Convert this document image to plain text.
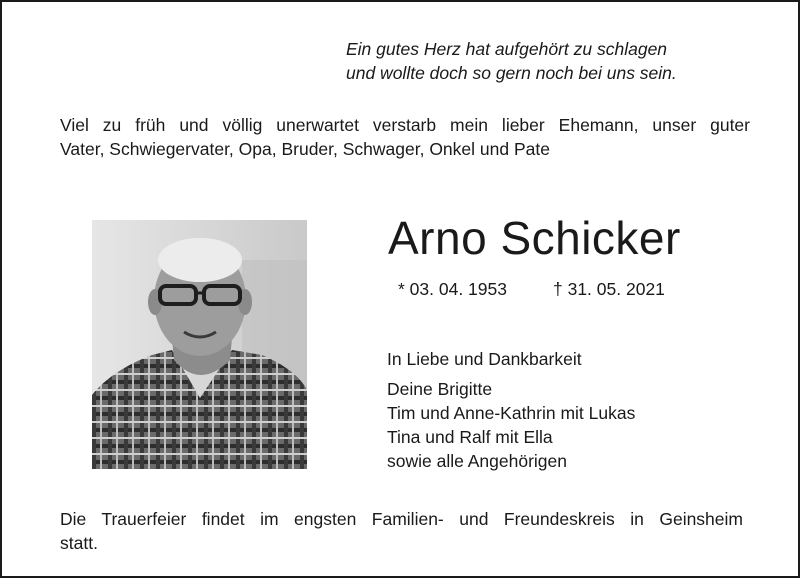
Ein gutes Herz hat aufgehört zu schlagen
und wollte doch so gern noch bei uns sein.
Viel zu früh und völlig unerwartet verstarb mein lieber Ehemann, unser guter
Vater, Schwiegervater, Opa, Bruder, Schwager, Onkel und Pate
Arno Schicker
* 03. 04. 1953	† 31. 05. 2021
In Liebe und Dankbarkeit
Deine Brigitte
Tim und Anne-Kathrin mit Lukas
Tina und Ralf mit Ella
sowie alle Angehörigen
Die Trauerfeier findet im engsten Familien- und Freundeskreis in Geinsheim
statt.
